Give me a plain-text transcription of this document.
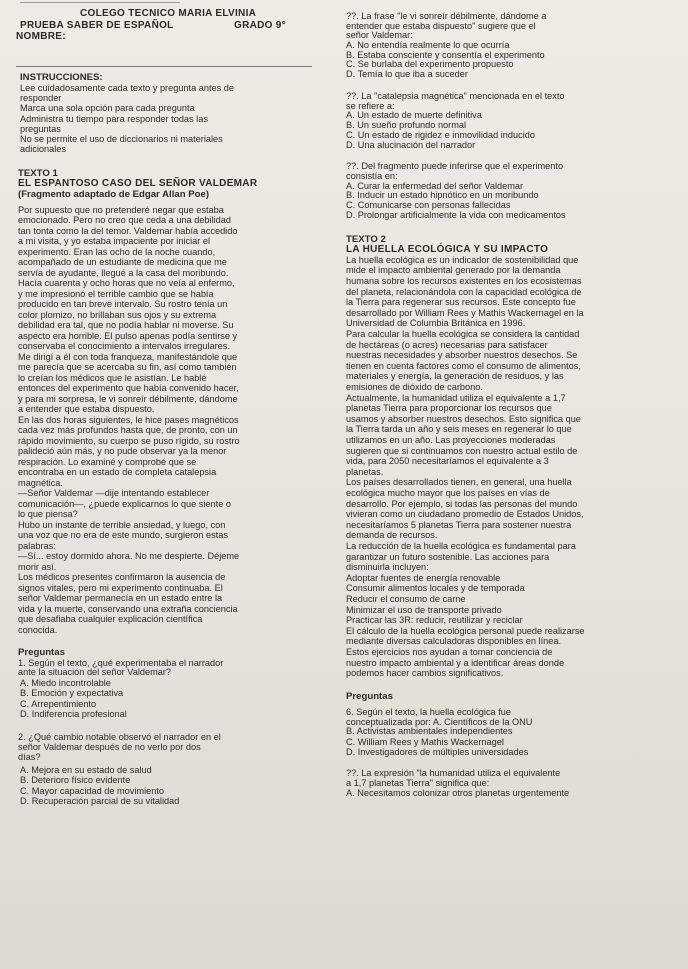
COLEGO TECNICO MARIA ELVINIA
PRUEBA SABER DE ESPAÑOL	GRADO 9°
NOMBRE:
INSTRUCCIONES:
Lee cuidadosamente cada texto y pregunta antes de
responder
Marca una sola opción para cada pregunta
Administra tu tiempo para responder todas las
preguntas
No se permite el uso de diccionarios ni materiales
adicionales
TEXTO 1
EL ESPANTOSO CASO DEL SEÑOR VALDEMAR
(Fragmento adaptado de Edgar Allan Poe)
Por supuesto que no pretenderé negar que estaba
emocionado. Pero no creo que ceda a una debilidad
tan tonta como la del temor. Valdemar había accedido
a mi visita, y yo estaba impaciente por iniciar el
experimento. Eran las ocho de la noche cuando,
acompañado de un estudiante de medicina que me
servía de ayudante, llegué a la casa del moribundo.
Hacía cuarenta y ocho horas que no veía al enfermo,
y me impresionó el terrible cambio que se había
producido en tan breve intervalo. Su rostro tenía un
color plomizo, no brillaban sus ojos y su extrema
debilidad era tal, que no podía hablar ni moverse. Su
aspecto era horrible. El pulso apenas podía sentirse y
conservaba el conocimiento a intervalos irregulares.
Me dirigí a él con toda franqueza, manifestándole que
me parecía que se acercaba su fin, así como también
lo creían los médicos que le asistían. Le hablé
entonces del experimento que había convenido hacer,
y para mi sorpresa, le vi sonreír débilmente, dándome
a entender que estaba dispuesto.
En las dos horas siguientes, le hice pases magnéticos
cada vez más profundos hasta que, de pronto, con un
rápido movimiento, su cuerpo se puso rígido, su rostro
palideció aún más, y no pude observar ya la menor
respiración. Lo examiné y comprobé que se
encontraba en un estado de completa catalepsia
magnética.
—Señor Valdemar —dije intentando establecer
comunicación—, ¿puede explicarnos lo que siente o
lo que piensa?
Hubo un instante de terrible ansiedad, y luego, con
una voz que no era de este mundo, surgieron estas
palabras:
—Sí... estoy dormido ahora. No me despierte. Déjeme
morir así.
Los médicos presentes confirmaron la ausencia de
signos vitales, pero mi experimento continuaba. El
señor Valdemar permanecía en un estado entre la
vida y la muerte, conservando una extraña conciencia
que desafiaba cualquier explicación científica
conocida.
Preguntas
1. Según el texto, ¿qué experimentaba el narrador
ante la situación del señor Valdemar?
A. Miedo incontrolable
B. Emoción y expectativa
C. Arrepentimiento
D. Indiferencia profesional
2. ¿Qué cambio notable observó el narrador en el
señor Valdemar después de no verlo por dos
días?
A. Mejora en su estado de salud
B. Deterioro físico evidente
C. Mayor capacidad de movimiento
D. Recuperación parcial de su vitalidad
??. La frase "le vi sonreír débilmente, dándome a
entender que estaba dispuesto" sugiere que el
señor Valdemar:
A. No entendía realmente lo que ocurría
B. Estaba consciente y consentía el experimento
C. Se burlaba del experimento propuesto
D. Temía lo que iba a suceder
??. La "catalepsia magnética" mencionada en el texto
se refiere a:
A. Un estado de muerte definitiva
B. Un sueño profundo normal
C. Un estado de rigidez e inmovilidad inducido
D. Una alucinación del narrador
??. Del fragmento puede inferirse que el experimento
consistía en:
A. Curar la enfermedad del señor Valdemar
B. Inducir un estado hipnótico en un moribundo
C. Comunicarse con personas fallecidas
D. Prolongar artificialmente la vida con medicamentos
TEXTO 2
LA HUELLA ECOLÓGICA Y SU IMPACTO
La huella ecológica es un indicador de sostenibilidad que
mide el impacto ambiental generado por la demanda
humana sobre los recursos existentes en los ecosistemas
del planeta, relacionándola con la capacidad ecológica de
la Tierra para regenerar sus recursos. Este concepto fue
desarrollado por William Rees y Mathis Wackernagel en la
Universidad de Columbia Británica en 1996.
Para calcular la huella ecológica se considera la cantidad
de hectáreas (o acres) necesarias para satisfacer
nuestras necesidades y absorber nuestros desechos. Se
tienen en cuenta factores como el consumo de alimentos,
materiales y energía, la generación de residuos, y las
emisiones de dióxido de carbono.
Actualmente, la humanidad utiliza el equivalente a 1,7
planetas Tierra para proporcionar los recursos que
usamos y absorber nuestros desechos. Esto significa que
la Tierra tarda un año y seis meses en regenerar lo que
utilizamos en un año. Las proyecciones moderadas
sugieren que si continuamos con nuestro actual estilo de
vida, para 2050 necesitaríamos el equivalente a 3
planetas.
Los países desarrollados tienen, en general, una huella
ecológica mucho mayor que los países en vías de
desarrollo. Por ejemplo, si todas las personas del mundo
vivieran como un ciudadano promedio de Estados Unidos,
necesitaríamos 5 planetas Tierra para sostener nuestra
demanda de recursos.
La reducción de la huella ecológica es fundamental para
garantizar un futuro sostenible. Las acciones para
disminuirla incluyen:
Adoptar fuentes de energía renovable
Consumir alimentos locales y de temporada
Reducir el consumo de carne
Minimizar el uso de transporte privado
Practicar las 3R: reducir, reutilizar y reciclar
El cálculo de la huella ecológica personal puede realizarse
mediante diversas calculadoras disponibles en línea.
Estos ejercicios nos ayudan a tomar conciencia de
nuestro impacto ambiental y a identificar áreas donde
podemos hacer cambios significativos.
Preguntas
6. Según el texto, la huella ecológica fue
conceptualizada por: A. Científicos de la ONU
B. Activistas ambientales independientes
C. William Rees y Mathis Wackernagel
D. Investigadores de múltiples universidades
??. La expresión "la humanidad utiliza el equivalente
a 1,7 planetas Tierra" significa que:
A. Necesitamos colonizar otros planetas urgentemente
